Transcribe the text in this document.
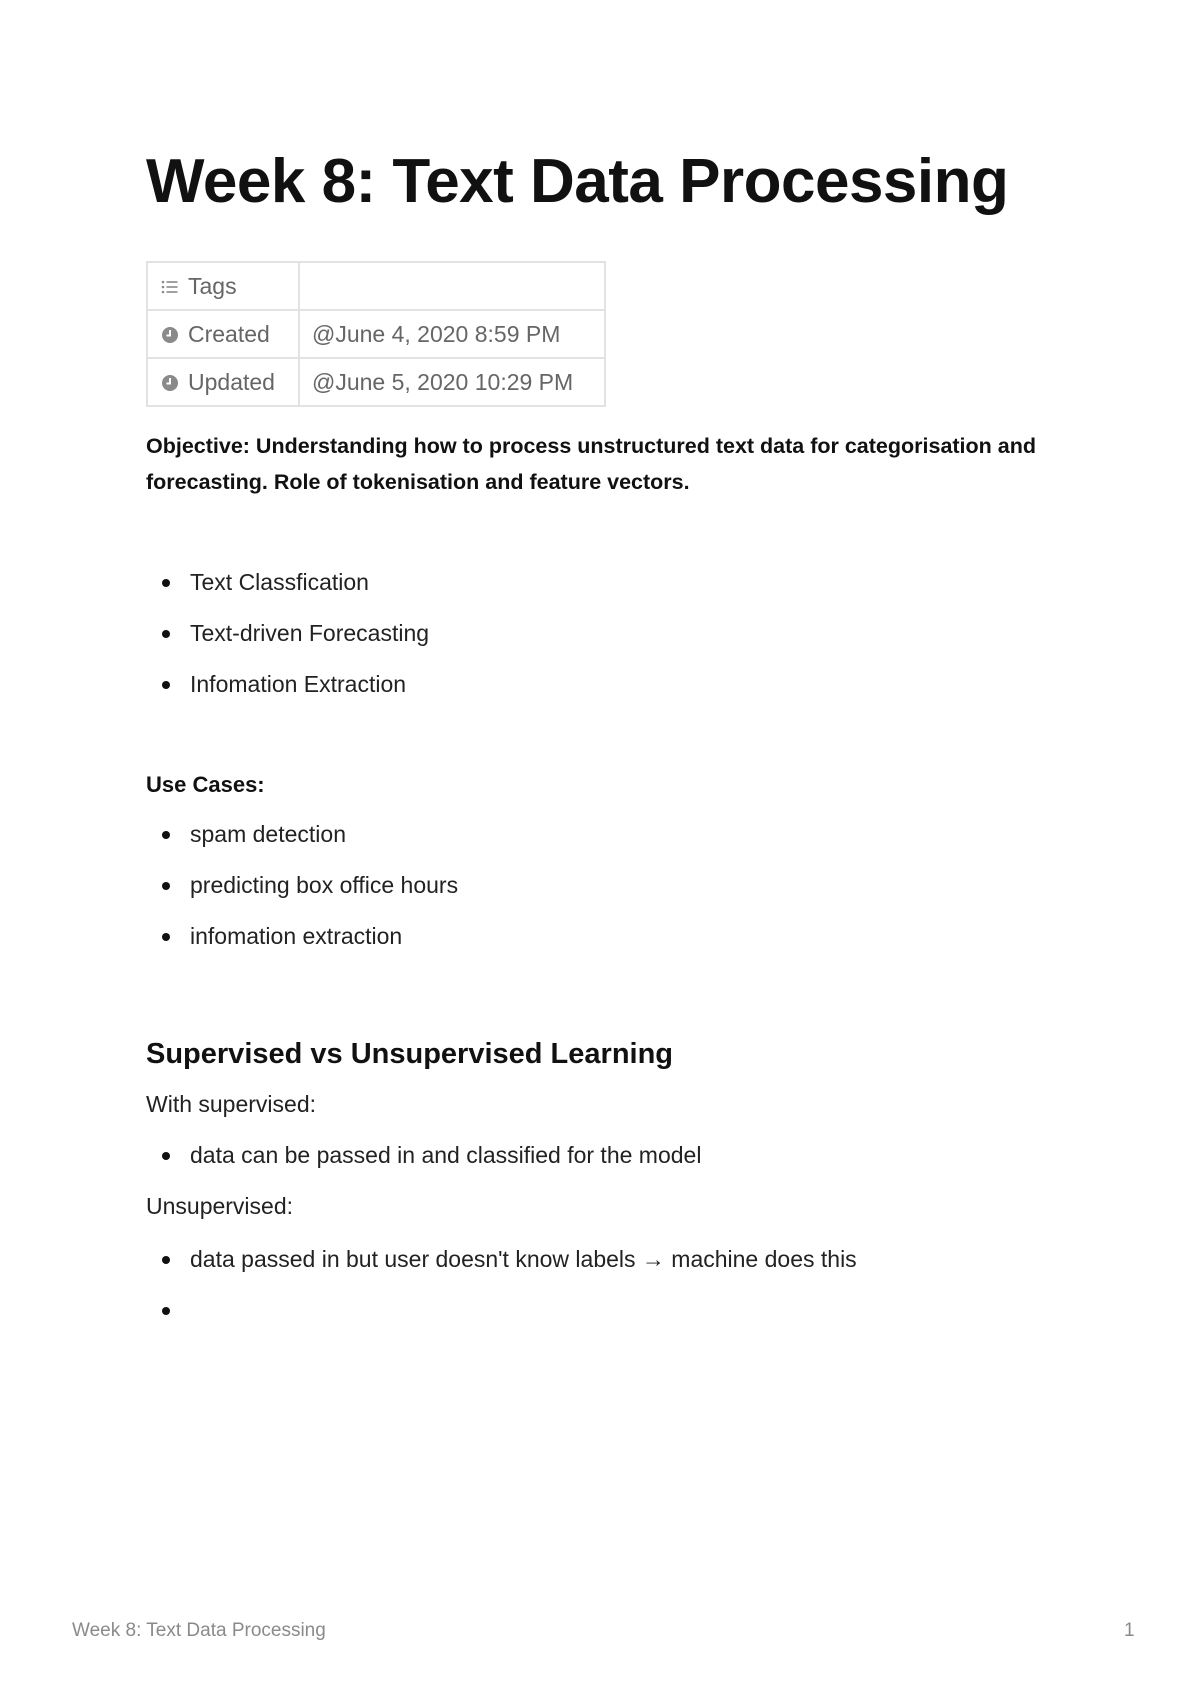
Week 8: Text Data Processing
Tags	
Created	@June 4, 2020 8:59 PM
Updated	@June 5, 2020 10:29 PM

Objective: Understanding how to process unstructured text data for categorisation and forecasting. Role of tokenisation and feature vectors.

Text Classfication
Text-driven Forecasting
Infomation Extraction

Use Cases:

spam detection
predicting box office hours
infomation extraction
Supervised vs Unsupervised Learning

With supervised:

data can be passed in and classified for the model

Unsupervised:

data passed in but user doesn't know labels → machine does this
Week 8: Text Data Processing	1
